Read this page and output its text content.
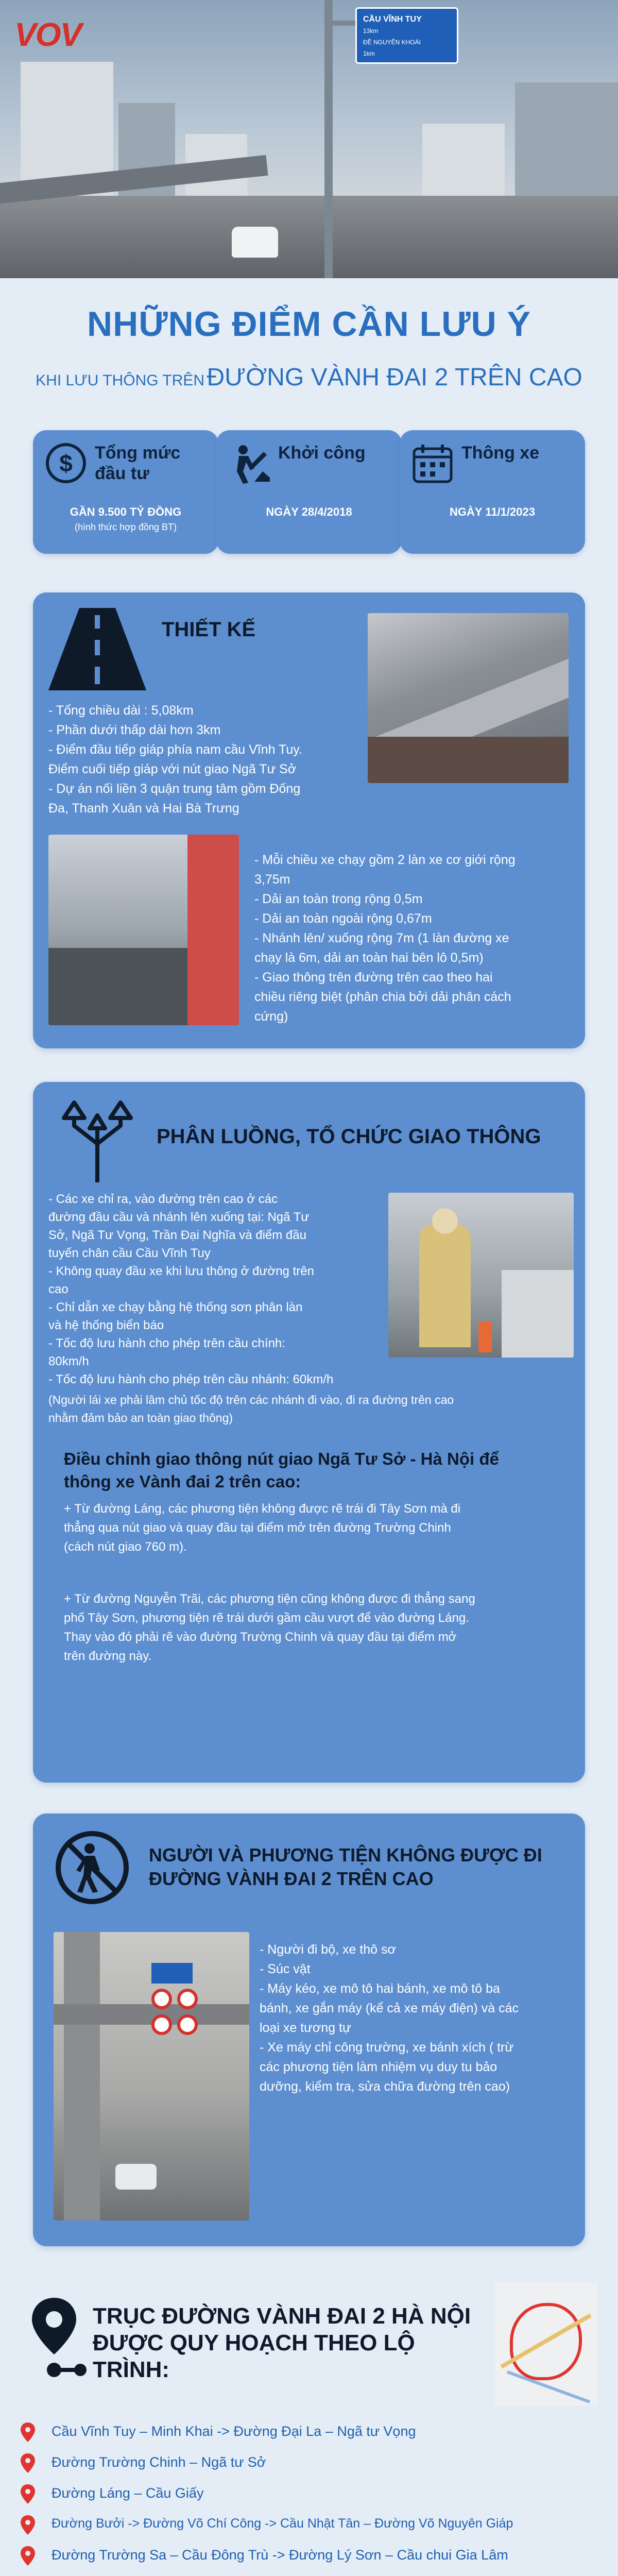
CẦU VĨNH TUY
13km
ĐỀ NGUYỄN KHOÁI
1km
VOV
NHỮNG ĐIỂM CẦN LƯU Ý
KHI LƯU THÔNG TRÊN ĐƯỜNG VÀNH ĐAI 2 TRÊN CAO
$ Tổng mức đầu tư
GẦN 9.500 TỶ ĐỒNG
(hình thức hợp đồng BT)
Khởi công
NGÀY 28/4/2018
Thông xe
NGÀY 11/1/2023
THIẾT KẾ
- Tổng chiều dài : 5,08km
- Phần dưới thấp dài hơn 3km
- Điểm đầu tiếp giáp phía nam cầu Vĩnh Tuy.
Điểm cuối tiếp giáp với nút giao Ngã Tư Sở
- Dự án nối liền 3 quận trung tâm gồm Đống
Đa, Thanh Xuân và Hai Bà Trưng
- Mỗi chiều xe chạy gồm 2 làn xe cơ giới rộng
3,75m
- Dải an toàn trong rộng 0,5m
- Dải an toàn ngoài rộng 0,67m
- Nhánh lên/ xuống rộng 7m (1 làn đường xe
chạy là 6m, dải an toàn hai bên lô 0,5m)
- Giao thông trên đường trên cao theo hai
chiều riêng biệt (phân chia bởi dải phân cách
cứng)
PHÂN LUỒNG, TỔ CHỨC GIAO THÔNG
- Các xe chỉ ra, vào đường trên cao ở các
đường đầu cầu và nhánh lên xuống tại: Ngã Tư
Sở, Ngã Tư Vọng, Trần Đại Nghĩa và điểm đầu
tuyến chân cầu Cầu Vĩnh Tuy
- Không quay đầu xe khi lưu thông ở đường trên
cao
- Chỉ dẫn xe chạy bằng hệ thống sơn phân làn
và hệ thống biển báo
- Tốc độ lưu hành cho phép trên cầu chính:
80km/h
- Tốc độ lưu hành cho phép trên cầu nhánh: 60km/h
(Người lái xe phải lâm chủ tốc độ trên các nhánh đi vào, đi ra đường trên cao
nhằm đảm bảo an toàn giao thông)
Điều chỉnh giao thông nút giao Ngã Tư Sở - Hà Nội để
thông xe Vành đai 2 trên cao:
+ Từ đường Láng, các phương tiện không được rẽ trái đi Tây Sơn mà đi
thẳng qua nút giao và quay đầu tại điểm mở trên đường Trường Chinh
(cách nút giao 760 m).
+ Từ đường Nguyễn Trãi, các phương tiện cũng không được đi thẳng sang
phố Tây Sơn, phương tiện rẽ trái dưới gầm cầu vượt để vào đường Láng.
Thay vào đó phải rẽ vào đường Trường Chinh và quay đầu tại điểm mở
trên đường này.
NGƯỜI VÀ PHƯƠNG TIỆN KHÔNG ĐƯỢC ĐI
ĐƯỜNG VÀNH ĐAI 2 TRÊN CAO
- Người đi bộ, xe thô sơ
- Súc vật
- Máy kéo, xe mô tô hai bánh, xe mô tô ba
bánh, xe gắn máy (kể cả xe máy điện) và các
loại xe tương tự
- Xe máy chỉ công trường, xe bánh xích ( trừ
các phương tiện làm nhiệm vụ duy tu bảo
dưỡng, kiểm tra, sửa chữa đường trên cao)
TRỤC ĐƯỜNG VÀNH ĐAI 2 HÀ NỘI
ĐƯỢC QUY HOẠCH THEO LỘ TRÌNH:
Cầu Vĩnh Tuy – Minh Khai -> Đường Đại La – Ngã tư Vọng
Đường Trường Chinh – Ngã tư Sở
Đường Láng – Cầu Giấy
Đường Bưởi -> Đường Võ Chí Công -> Cầu Nhật Tân – Đường Võ Nguyên Giáp
Đường Trường Sa – Cầu Đông Trù -> Đường Lý Sơn – Cầu chui Gia Lâm
